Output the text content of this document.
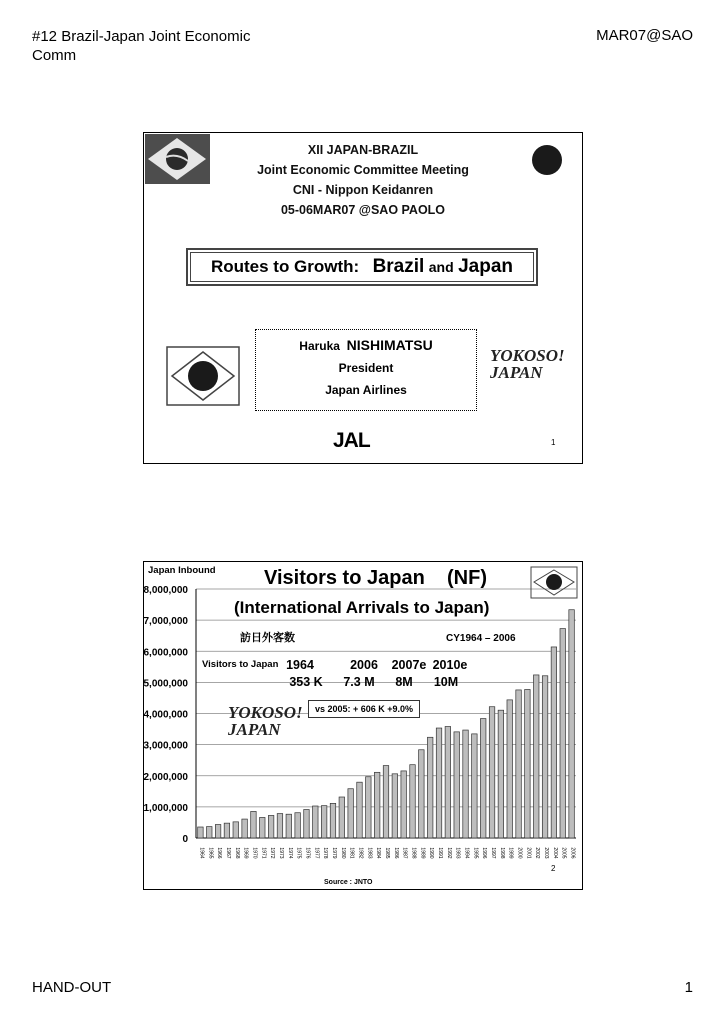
#12 Brazil-Japan Joint Economic Comm
MAR07@SAO
XII JAPAN-BRAZIL
Joint Economic Committee Meeting
CNI - Nippon Keidanren
05-06MAR07 @SAO PAOLO
Routes to Growth: Brazil and Japan
Haruka NISHIMATSU
President
Japan Airlines
YOKOSO!
JAPAN
JAL	1
8,000,000
7,000,000
6,000,000
5,000,000
4,000,000
3,000,000
2,000,000
1,000,000
0
1964 1965 1966 1967 1968 1969 1970 1971 1972 1973 1974 1975 1976 1977 1978 1979 1980 1981 1982 1983 1984 1985 1986 1987 1988 1989 1990 1991 1992 1993 1994 1995 1996 1997 1998 1999 2000 2001 2002 2003 2004 2005 2006
Japan Inbound Visitors to Japan    (NF)
(International Arrivals to Japan)
訪日外客数	CY1964 – 2006
Visitors to Japan 1964	2006	2007e 2010e
353 K	7.3 M	8M	10M
vs 2005: + 606 K +9.0%
YOKOSO!
JAPAN
2
Source : JNTO
HAND-OUT	1
